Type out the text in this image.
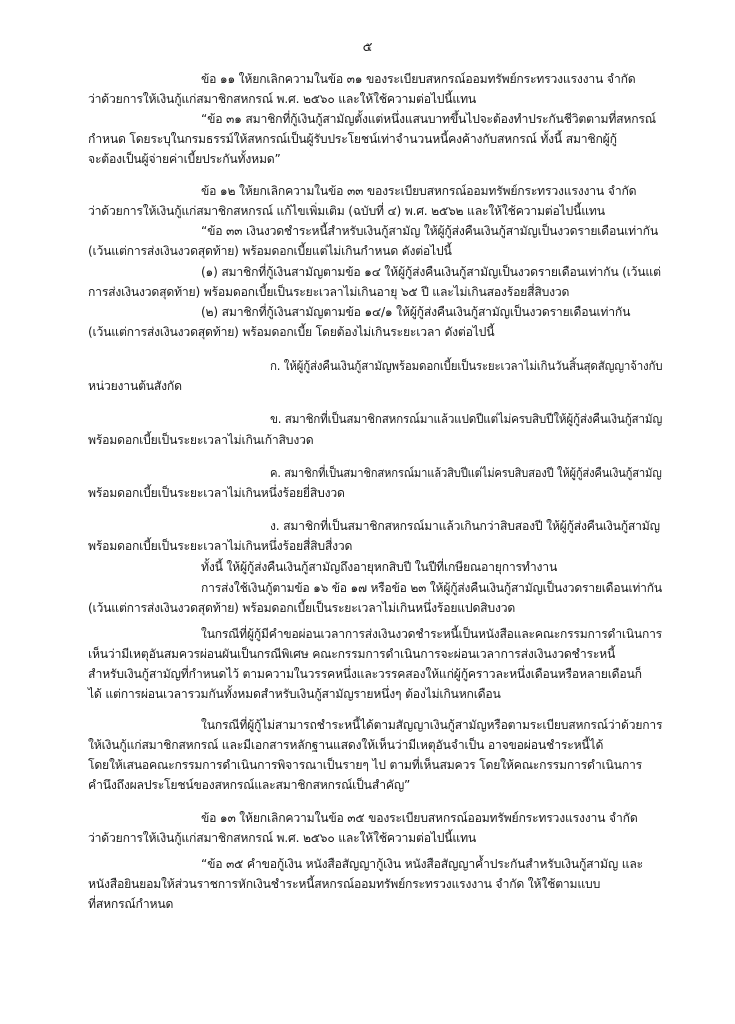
๕
ข้อ ๑๑ ให้ยกเลิกความในข้อ ๓๑ ของระเบียบสหกรณ์ออมทรัพย์กระทรวงแรงงาน จำกัด
ว่าด้วยการให้เงินกู้แก่สมาชิกสหกรณ์ พ.ศ. ๒๕๖๐ และให้ใช้ความต่อไปนี้แทน
“ข้อ ๓๑ สมาชิกที่กู้เงินกู้สามัญตั้งแต่หนึ่งแสนบาทขึ้นไปจะต้องทำประกันชีวิตตามที่สหกรณ์
กำหนด โดยระบุในกรมธรรม์ให้สหกรณ์เป็นผู้รับประโยชน์เท่าจำนวนหนี้คงค้างกับสหกรณ์ ทั้งนี้ สมาชิกผู้กู้
จะต้องเป็นผู้จ่ายค่าเบี้ยประกันทั้งหมด”
ข้อ ๑๒ ให้ยกเลิกความในข้อ ๓๓ ของระเบียบสหกรณ์ออมทรัพย์กระทรวงแรงงาน จำกัด
ว่าด้วยการให้เงินกู้แก่สมาชิกสหกรณ์ แก้ไขเพิ่มเติม (ฉบับที่ ๔) พ.ศ. ๒๕๖๒ และให้ใช้ความต่อไปนี้แทน
“ข้อ ๓๓ เงินงวดชำระหนี้สำหรับเงินกู้สามัญ ให้ผู้กู้ส่งคืนเงินกู้สามัญเป็นงวดรายเดือนเท่ากัน
(เว้นแต่การส่งเงินงวดสุดท้าย) พร้อมดอกเบี้ยแต่ไม่เกินกำหนด ดังต่อไปนี้
(๑) สมาชิกที่กู้เงินสามัญตามข้อ ๑๔ ให้ผู้กู้ส่งคืนเงินกู้สามัญเป็นงวดรายเดือนเท่ากัน (เว้นแต่
การส่งเงินงวดสุดท้าย) พร้อมดอกเบี้ยเป็นระยะเวลาไม่เกินอายุ ๖๕ ปี และไม่เกินสองร้อยสี่สิบงวด
(๒) สมาชิกที่กู้เงินสามัญตามข้อ ๑๔/๑ ให้ผู้กู้ส่งคืนเงินกู้สามัญเป็นงวดรายเดือนเท่ากัน
(เว้นแต่การส่งเงินงวดสุดท้าย) พร้อมดอกเบี้ย โดยต้องไม่เกินระยะเวลา ดังต่อไปนี้
ก. ให้ผู้กู้ส่งคืนเงินกู้สามัญพร้อมดอกเบี้ยเป็นระยะเวลาไม่เกินวันสิ้นสุดสัญญาจ้างกับ
หน่วยงานต้นสังกัด
ข. สมาชิกที่เป็นสมาชิกสหกรณ์มาแล้วแปดปีแต่ไม่ครบสิบปีให้ผู้กู้ส่งคืนเงินกู้สามัญ
พร้อมดอกเบี้ยเป็นระยะเวลาไม่เกินเก้าสิบงวด
ค. สมาชิกที่เป็นสมาชิกสหกรณ์มาแล้วสิบปีแต่ไม่ครบสิบสองปี ให้ผู้กู้ส่งคืนเงินกู้สามัญ
พร้อมดอกเบี้ยเป็นระยะเวลาไม่เกินหนึ่งร้อยยี่สิบงวด
ง. สมาชิกที่เป็นสมาชิกสหกรณ์มาแล้วเกินกว่าสิบสองปี ให้ผู้กู้ส่งคืนเงินกู้สามัญ
พร้อมดอกเบี้ยเป็นระยะเวลาไม่เกินหนึ่งร้อยสี่สิบสี่งวด
ทั้งนี้ ให้ผู้กู้ส่งคืนเงินกู้สามัญถึงอายุหกสิบปี ในปีที่เกษียณอายุการทำงาน
การส่งใช้เงินกู้ตามข้อ ๑๖ ข้อ ๑๗ หรือข้อ ๒๓ ให้ผู้กู้ส่งคืนเงินกู้สามัญเป็นงวดรายเดือนเท่ากัน
(เว้นแต่การส่งเงินงวดสุดท้าย) พร้อมดอกเบี้ยเป็นระยะเวลาไม่เกินหนึ่งร้อยแปดสิบงวด
ในกรณีที่ผู้กู้มีคำขอผ่อนเวลาการส่งเงินงวดชำระหนี้เป็นหนังสือและคณะกรรมการดำเนินการ
เห็นว่ามีเหตุอันสมควรผ่อนผันเป็นกรณีพิเศษ คณะกรรมการดำเนินการจะผ่อนเวลาการส่งเงินงวดชำระหนี้
สำหรับเงินกู้สามัญที่กำหนดไว้ ตามความในวรรคหนึ่งและวรรคสองให้แก่ผู้กู้คราวละหนึ่งเดือนหรือหลายเดือนก็
ได้ แต่การผ่อนเวลารวมกันทั้งหมดสำหรับเงินกู้สามัญรายหนึ่งๆ ต้องไม่เกินหกเดือน
ในกรณีที่ผู้กู้ไม่สามารถชำระหนี้ได้ตามสัญญาเงินกู้สามัญหรือตามระเบียบสหกรณ์ว่าด้วยการ
ให้เงินกู้แก่สมาชิกสหกรณ์ และมีเอกสารหลักฐานแสดงให้เห็นว่ามีเหตุอันจำเป็น อาจขอผ่อนชำระหนี้ได้
โดยให้เสนอคณะกรรมการดำเนินการพิจารณาเป็นรายๆ ไป ตามที่เห็นสมควร โดยให้คณะกรรมการดำเนินการ
คำนึงถึงผลประโยชน์ของสหกรณ์และสมาชิกสหกรณ์เป็นสำคัญ”
ข้อ ๑๓ ให้ยกเลิกความในข้อ ๓๕ ของระเบียบสหกรณ์ออมทรัพย์กระทรวงแรงงาน จำกัด
ว่าด้วยการให้เงินกู้แก่สมาชิกสหกรณ์ พ.ศ. ๒๕๖๐ และให้ใช้ความต่อไปนี้แทน
“ข้อ ๓๕ คำขอกู้เงิน หนังสือสัญญากู้เงิน หนังสือสัญญาค้ำประกันสำหรับเงินกู้สามัญ และ
หนังสือยินยอมให้ส่วนราชการหักเงินชำระหนี้สหกรณ์ออมทรัพย์กระทรวงแรงงาน จำกัด ให้ใช้ตามแบบ
ที่สหกรณ์กำหนด
